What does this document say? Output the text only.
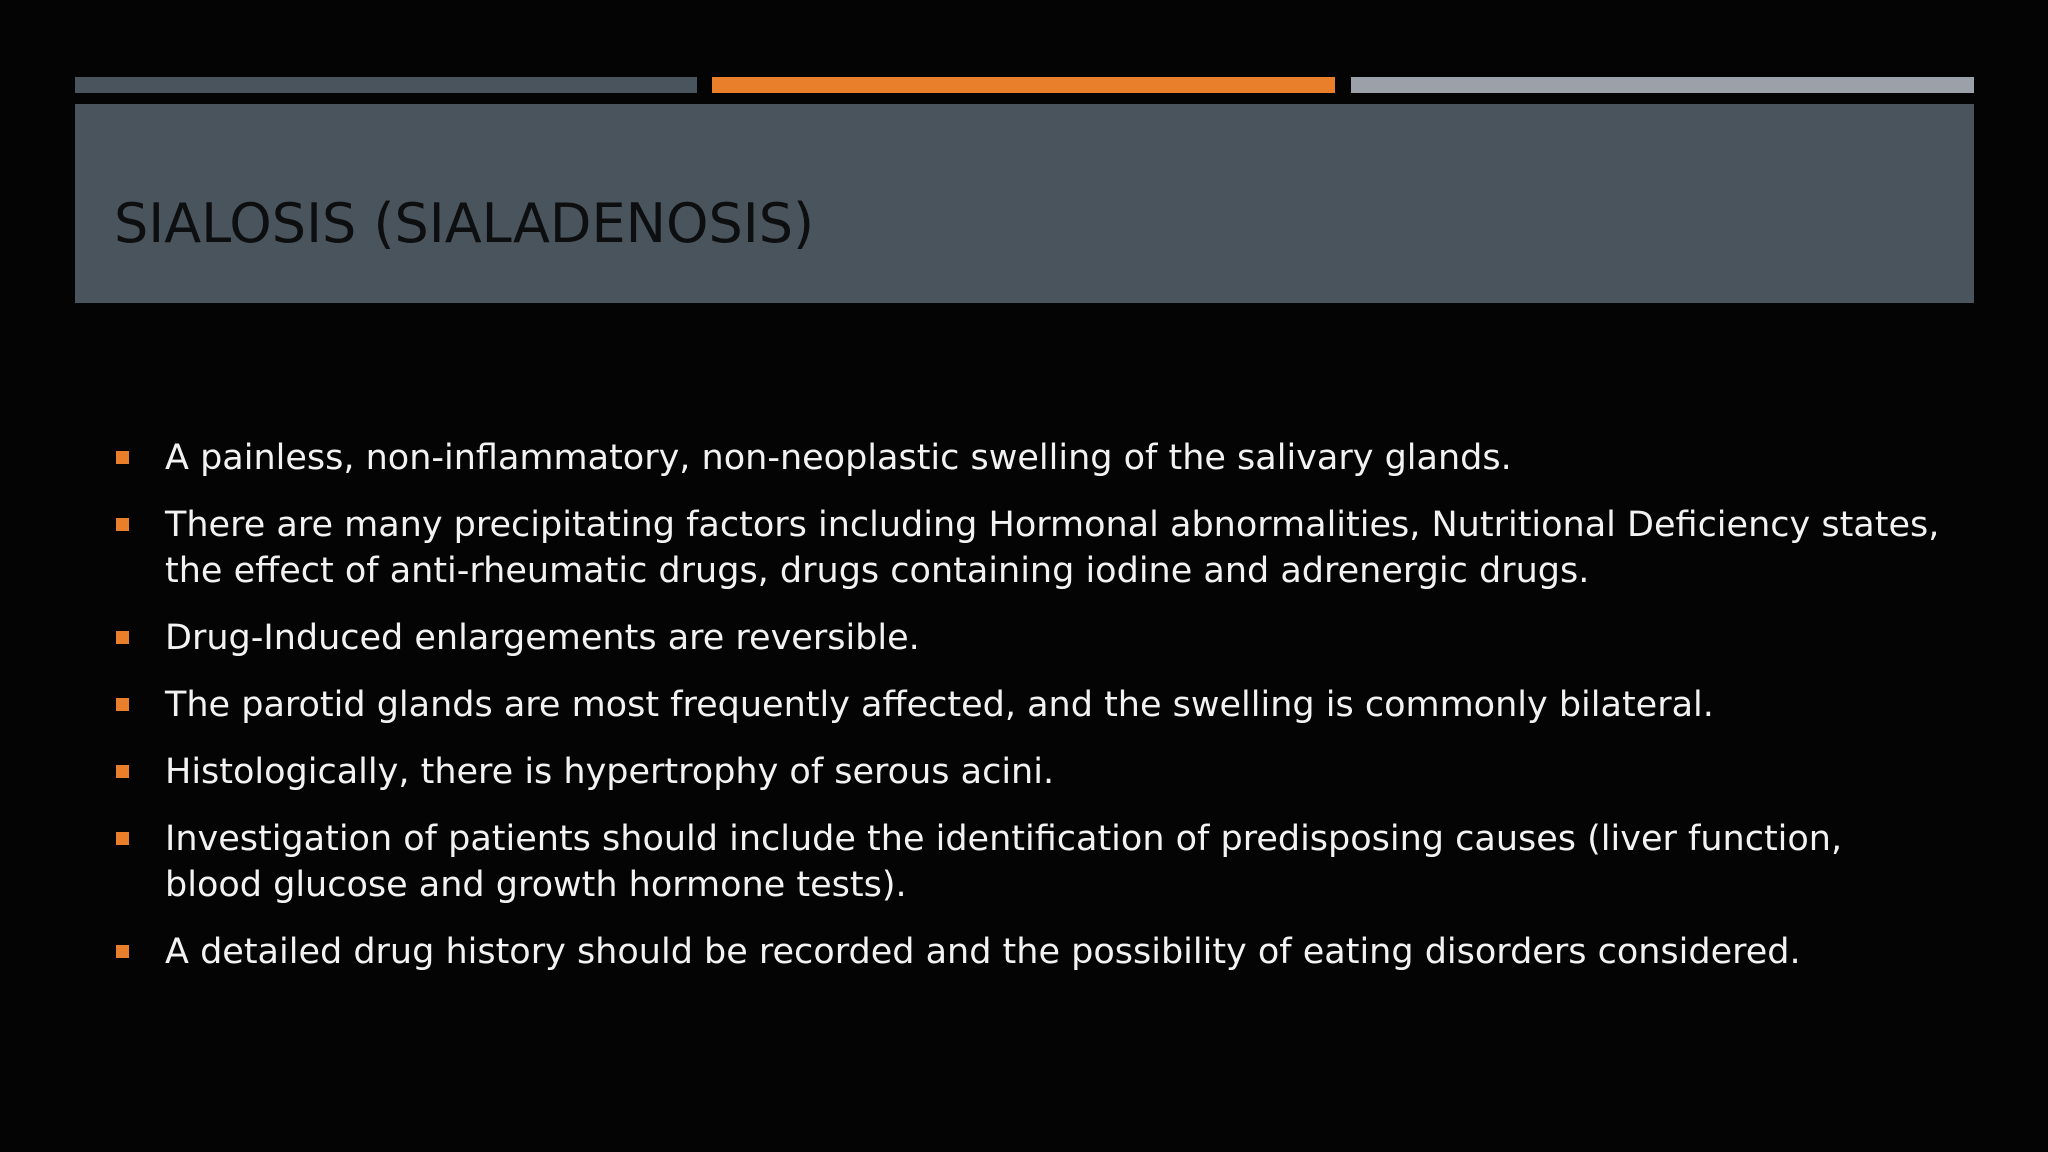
SIALOSIS (SIALADENOSIS)
A painless, non-inflammatory, non-neoplastic swelling of the salivary glands.
There are many precipitating factors including Hormonal abnormalities, Nutritional Deficiency states, the effect of anti-rheumatic drugs, drugs containing iodine and adrenergic drugs.
Drug-Induced enlargements are reversible.
The parotid glands are most frequently affected, and the swelling is commonly bilateral.
Histologically, there is hypertrophy of serous acini.
Investigation of patients should include the identification of predisposing causes (liver function, blood glucose and growth hormone tests).
A detailed drug history should be recorded and the possibility of eating disorders considered.
